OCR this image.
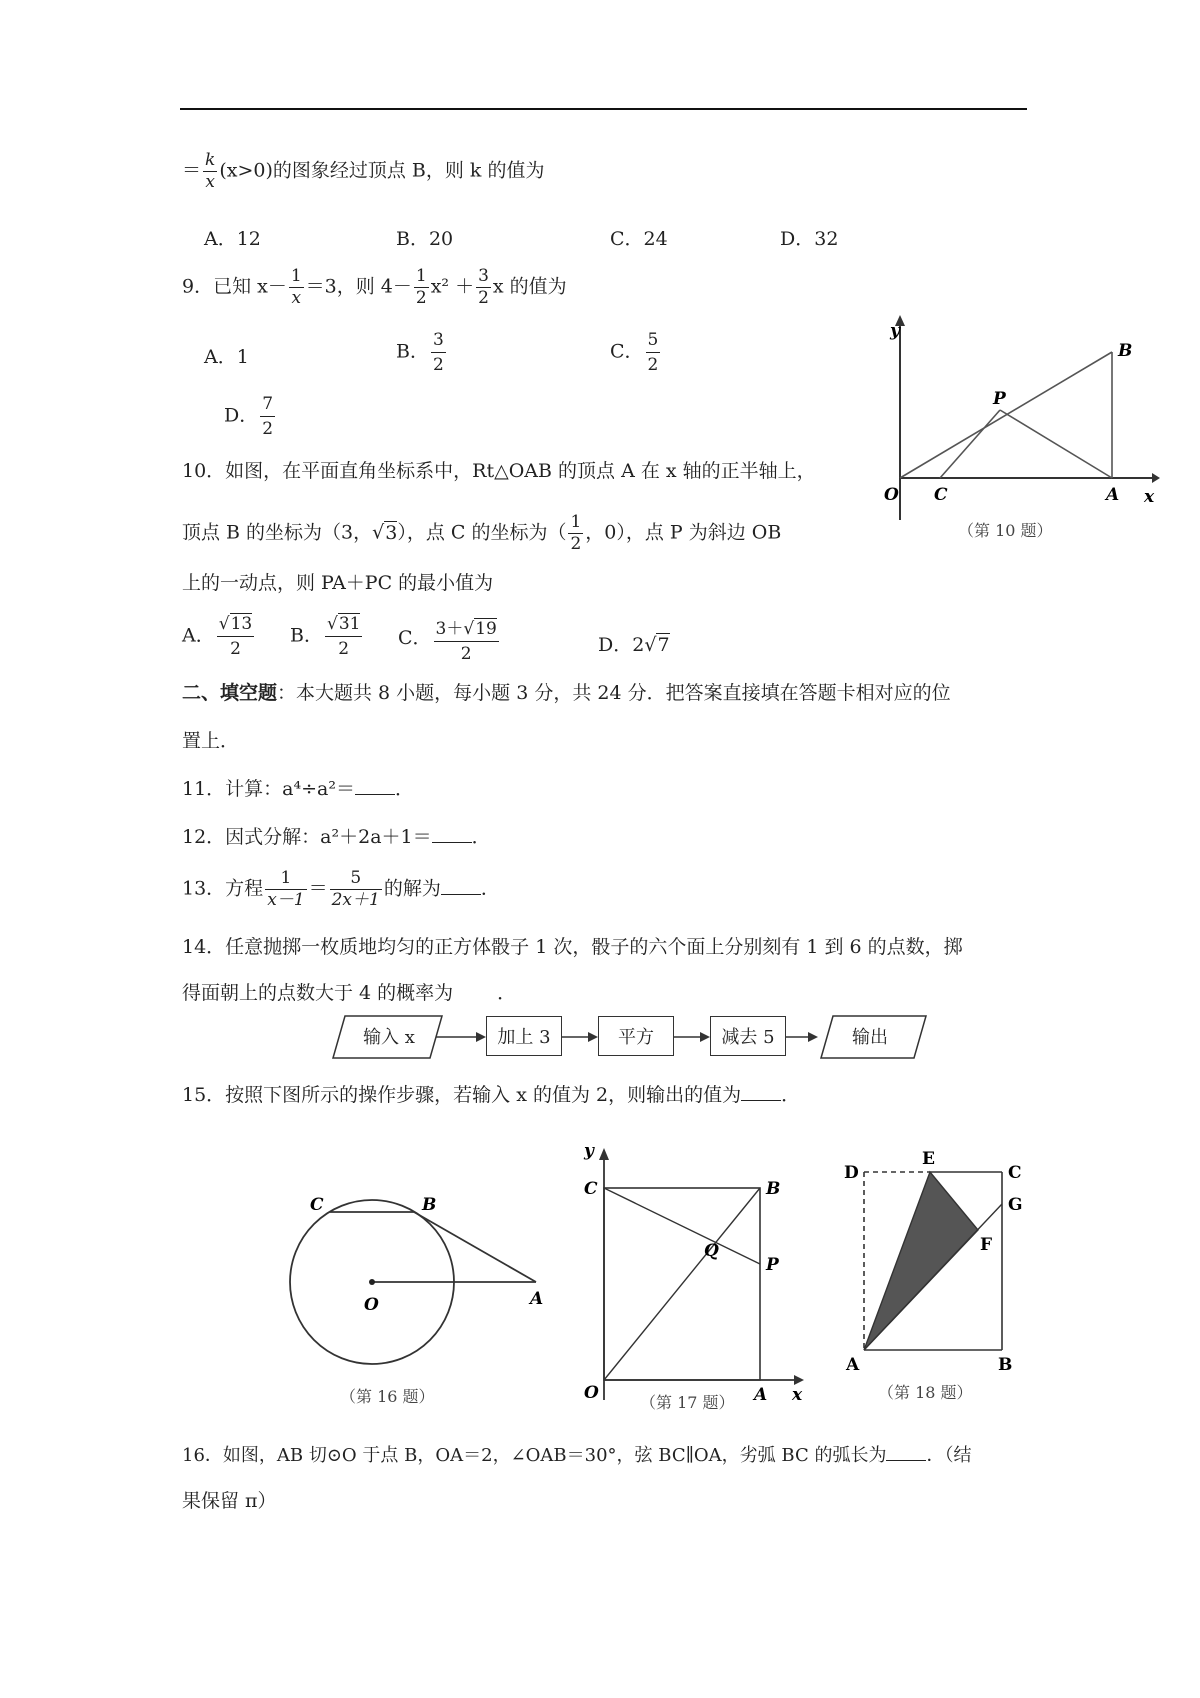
＝ $\frac{k}{x} (x>0)$的图象经过顶点 B，则 k 的值为
A．12	B．20	C．24	D．32
9．已知 $x- \frac{1}{x} =3$，则 $4- \frac{1}{2} x^2 + \frac{3}{2}$ x 的值为
A．1	B． $\frac{3}{2}$	C． $\frac{5}{2}$
D． $\frac{7}{2}$
y
B
P
O C	A x
（第 10 题）
10．如图，在平面直角坐标系中，Rt△OAB 的顶点 A 在 x 轴的正半轴上，
顶点 B 的坐标为（3，√3），点 C 的坐标为（ $\frac{1}{2}$ ，0），点 P 为斜边 OB
上的一动点，则 PA＋PC 的最小值为
A． $\frac{√13}{2}$ B． $\frac{√31}{2}$ C． $\frac{3+√19}{2}$	D．2√7
二、填空题：本大题共 8 小题，每小题 3 分，共 24 分．把答案直接填在答题卡相对应的位
置上．
11．计算：a⁴÷a²＝ ．
12．因式分解：a²＋2a＋1＝ ．
13．方程 $\frac{1}{x-1} = \frac{5}{2x+1}$ 的解为 ．
14．任意抛掷一枚质地均匀的正方体骰子 1 次，骰子的六个面上分别刻有 1 到 6 的点数，掷
得面朝上的点数大于 4 的概率为 ．
输入 x	加上 3	平方	减去 5	输出
15．按照下图所示的操作步骤，若输入 x 的值为 2，则输出的值为 ．
C	B
O	A
（第 16 题）
y
C	B
Q
P
O	A x
（第 17 题）
D
E
C
G
F
A	B
（第 18 题）
16．如图，AB 切⊙O 于点 B，OA＝2，∠OAB＝30°，弦 BC∥OA，劣弧 BC 的弧长为 ．（结
果保留 π）
